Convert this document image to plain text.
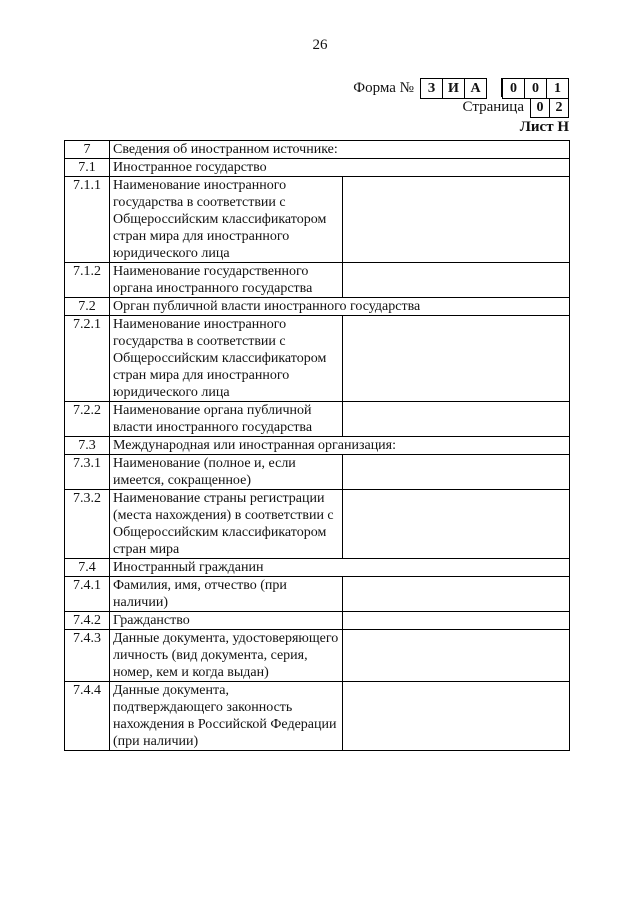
26
Форма № З И А	0	0	1
Страница 0 2
Лист Н
7	Сведения об иностранном источнике:	
7.1	Иностранное государство	
7.1.1	Наименование иностранного государства в соответствии с Общероссийским классификатором стран мира для иностранного юридического лица	
7.1.2	Наименование государственного органа иностранного государства	
7.2	Орган публичной власти иностранного государства	
7.2.1	Наименование иностранного государства в соответствии с Общероссийским классификатором стран мира для иностранного юридического лица	
7.2.2	Наименование органа публичной власти иностранного государства	
7.3	Международная или иностранная организация:	
7.3.1	Наименование (полное и, если имеется, сокращенное)	
7.3.2	Наименование страны регистрации (места нахождения) в соответствии с Общероссийским классификатором стран мира	
7.4	Иностранный гражданин	
7.4.1	Фамилия, имя, отчество (при наличии)	
7.4.2	Гражданство	
7.4.3	Данные документа, удостоверяющего личность (вид документа, серия, номер, кем и когда выдан)	
7.4.4	Данные документа, подтверждающего законность нахождения в Российской Федерации (при наличии)	
